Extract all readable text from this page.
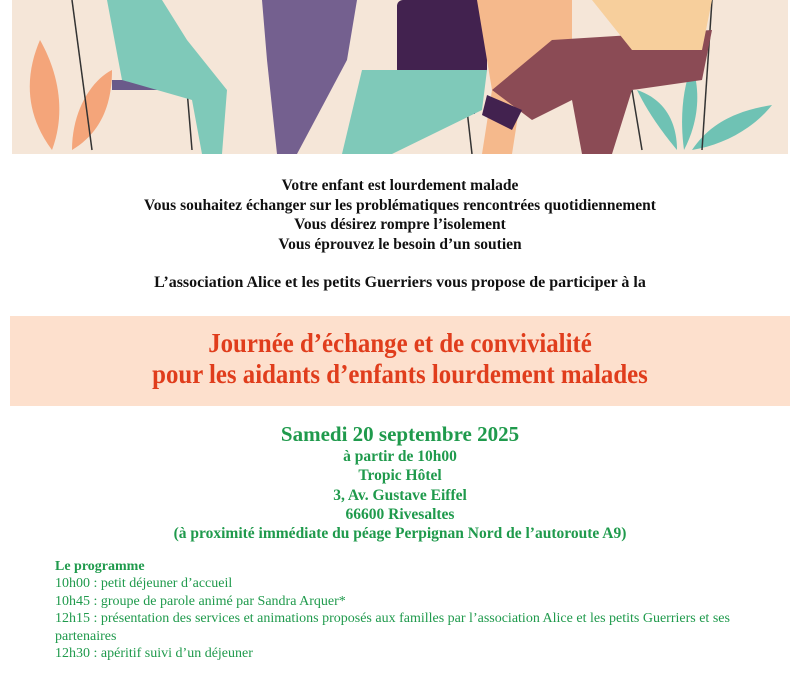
Votre enfant est lourdement malade
Vous souhaitez échanger sur les problématiques rencontrées quotidiennement
Vous désirez rompre l’isolement
Vous éprouvez le besoin d’un soutien
L’association Alice et les petits Guerriers vous propose de participer à la
Journée d’échange et de convivialité
pour les aidants d’enfants lourdement malades
Samedi 20 septembre 2025
à partir de 10h00
Tropic Hôtel
3, Av. Gustave Eiffel
66600 Rivesaltes
(à proximité immédiate du péage Perpignan Nord de l’autoroute A9)
Le programme
10h00 : petit déjeuner d’accueil
10h45 : groupe de parole animé par Sandra Arquer*
12h15 : présentation des services et animations proposés aux familles par l’association Alice et les petits Guerriers et ses partenaires
12h30 : apéritif suivi d’un déjeuner
